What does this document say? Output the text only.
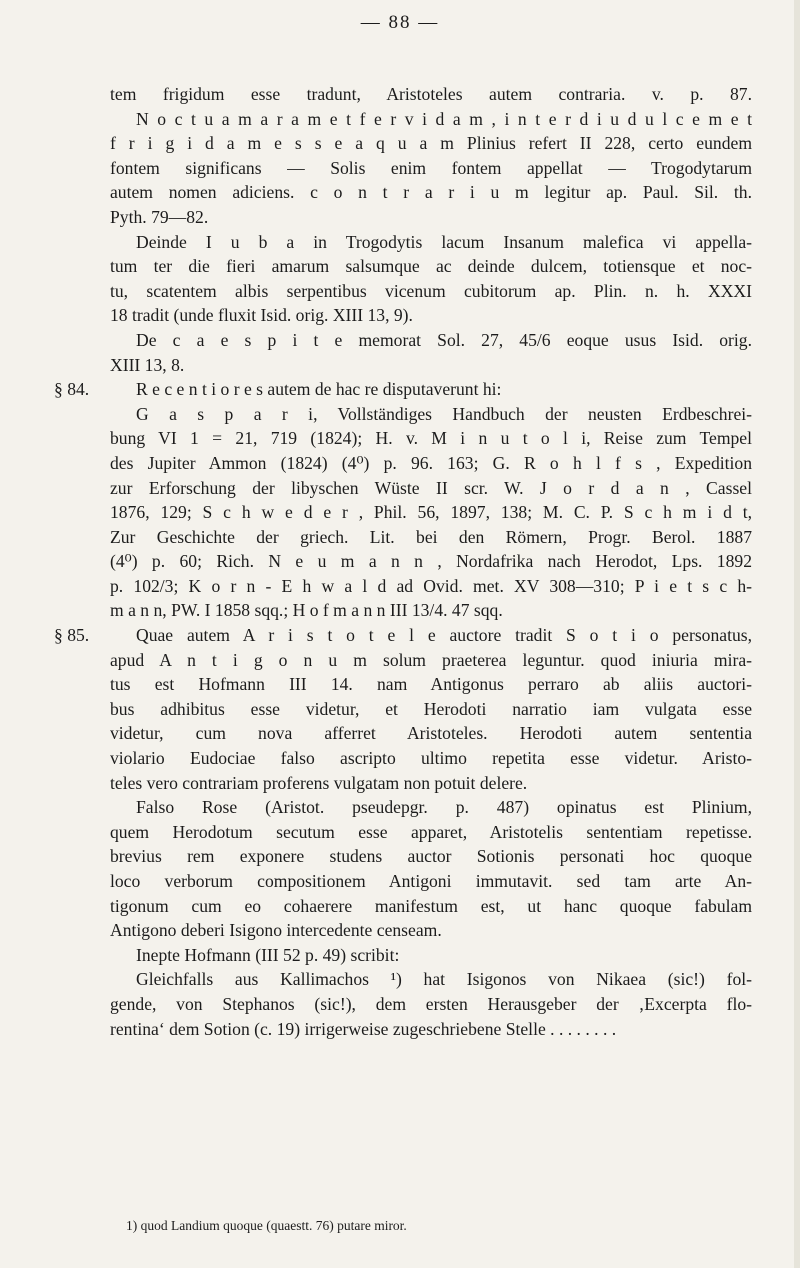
— 88 —
tem frigidum esse tradunt, Aristoteles autem contraria. v. p. 87.
N o c t u a m a r a m e t f e r v i d a m , i n t e r d i u d u l c e m e t
f r i g i d a m e s s e a q u a m Plinius refert II 228, certo eundem
fontem significans — Solis enim fontem appellat — Trogodytarum
autem nomen adiciens. c o n t r a r i u m legitur ap. Paul. Sil. th.
Pyth. 79—82.
Deinde I u b a in Trogodytis lacum Insanum malefica vi appella-
tum ter die fieri amarum salsumque ac deinde dulcem, totiensque et noc-
tu, scatentem albis serpentibus vicenum cubitorum ap. Plin. n. h. XXXI
18 tradit (unde fluxit Isid. orig. XIII 13, 9).
De c a e s p i t e memorat Sol. 27, 45/6 eoque usus Isid. orig.
XIII 13, 8.
§ 84.	R e c e n t i o r e s autem de hac re disputaverunt hi:
G a s p a r i, Vollständiges Handbuch der neusten Erdbeschrei-
bung VI 1 = 21, 719 (1824); H. v. M i n u t o l i, Reise zum Tempel
des Jupiter Ammon (1824) (4⁰) p. 96. 163; G. R o h l f s , Expedition
zur Erforschung der libyschen Wüste II scr. W. J o r d a n , Cassel
1876, 129; S c h w e d e r , Phil. 56, 1897, 138; M. C. P. S c h m i d t,
Zur Geschichte der griech. Lit. bei den Römern, Progr. Berol. 1887
(4⁰) p. 60; Rich. N e u m a n n , Nordafrika nach Herodot, Lps. 1892
p. 102/3; K o r n - E h w a l d ad Ovid. met. XV 308—310; P i e t s c h-
m a n n, PW. I 1858 sqq.; H o f m a n n III 13/4. 47 sqq.
§ 85.	Quae autem A r i s t o t e l e auctore tradit S o t i o personatus,
apud A n t i g o n u m solum praeterea leguntur. quod iniuria mira-
tus est Hofmann III 14. nam Antigonus perraro ab aliis auctori-
bus adhibitus esse videtur, et Herodoti narratio iam vulgata esse
videtur, cum nova afferret Aristoteles. Herodoti autem sententia
violario Eudociae falso ascripto ultimo repetita esse videtur. Aristo-
teles vero contrariam proferens vulgatam non potuit delere.
Falso Rose (Aristot. pseudepgr. p. 487) opinatus est Plinium,
quem Herodotum secutum esse apparet, Aristotelis sententiam repetisse.
brevius rem exponere studens auctor Sotionis personati hoc quoque
loco verborum compositionem Antigoni immutavit. sed tam arte An-
tigonum cum eo cohaerere manifestum est, ut hanc quoque fabulam
Antigono deberi Isigono intercedente censeam.
Inepte Hofmann (III 52 p. 49) scribit:
Gleichfalls aus Kallimachos ¹) hat Isigonos von Nikaea (sic!) fol-
gende, von Stephanos (sic!), dem ersten Herausgeber der ‚Excerpta flo-
rentina‘ dem Sotion (c. 19) irrigerweise zugeschriebene Stelle . . . . . . . .
1) quod Landium quoque (quaestt. 76) putare miror.
